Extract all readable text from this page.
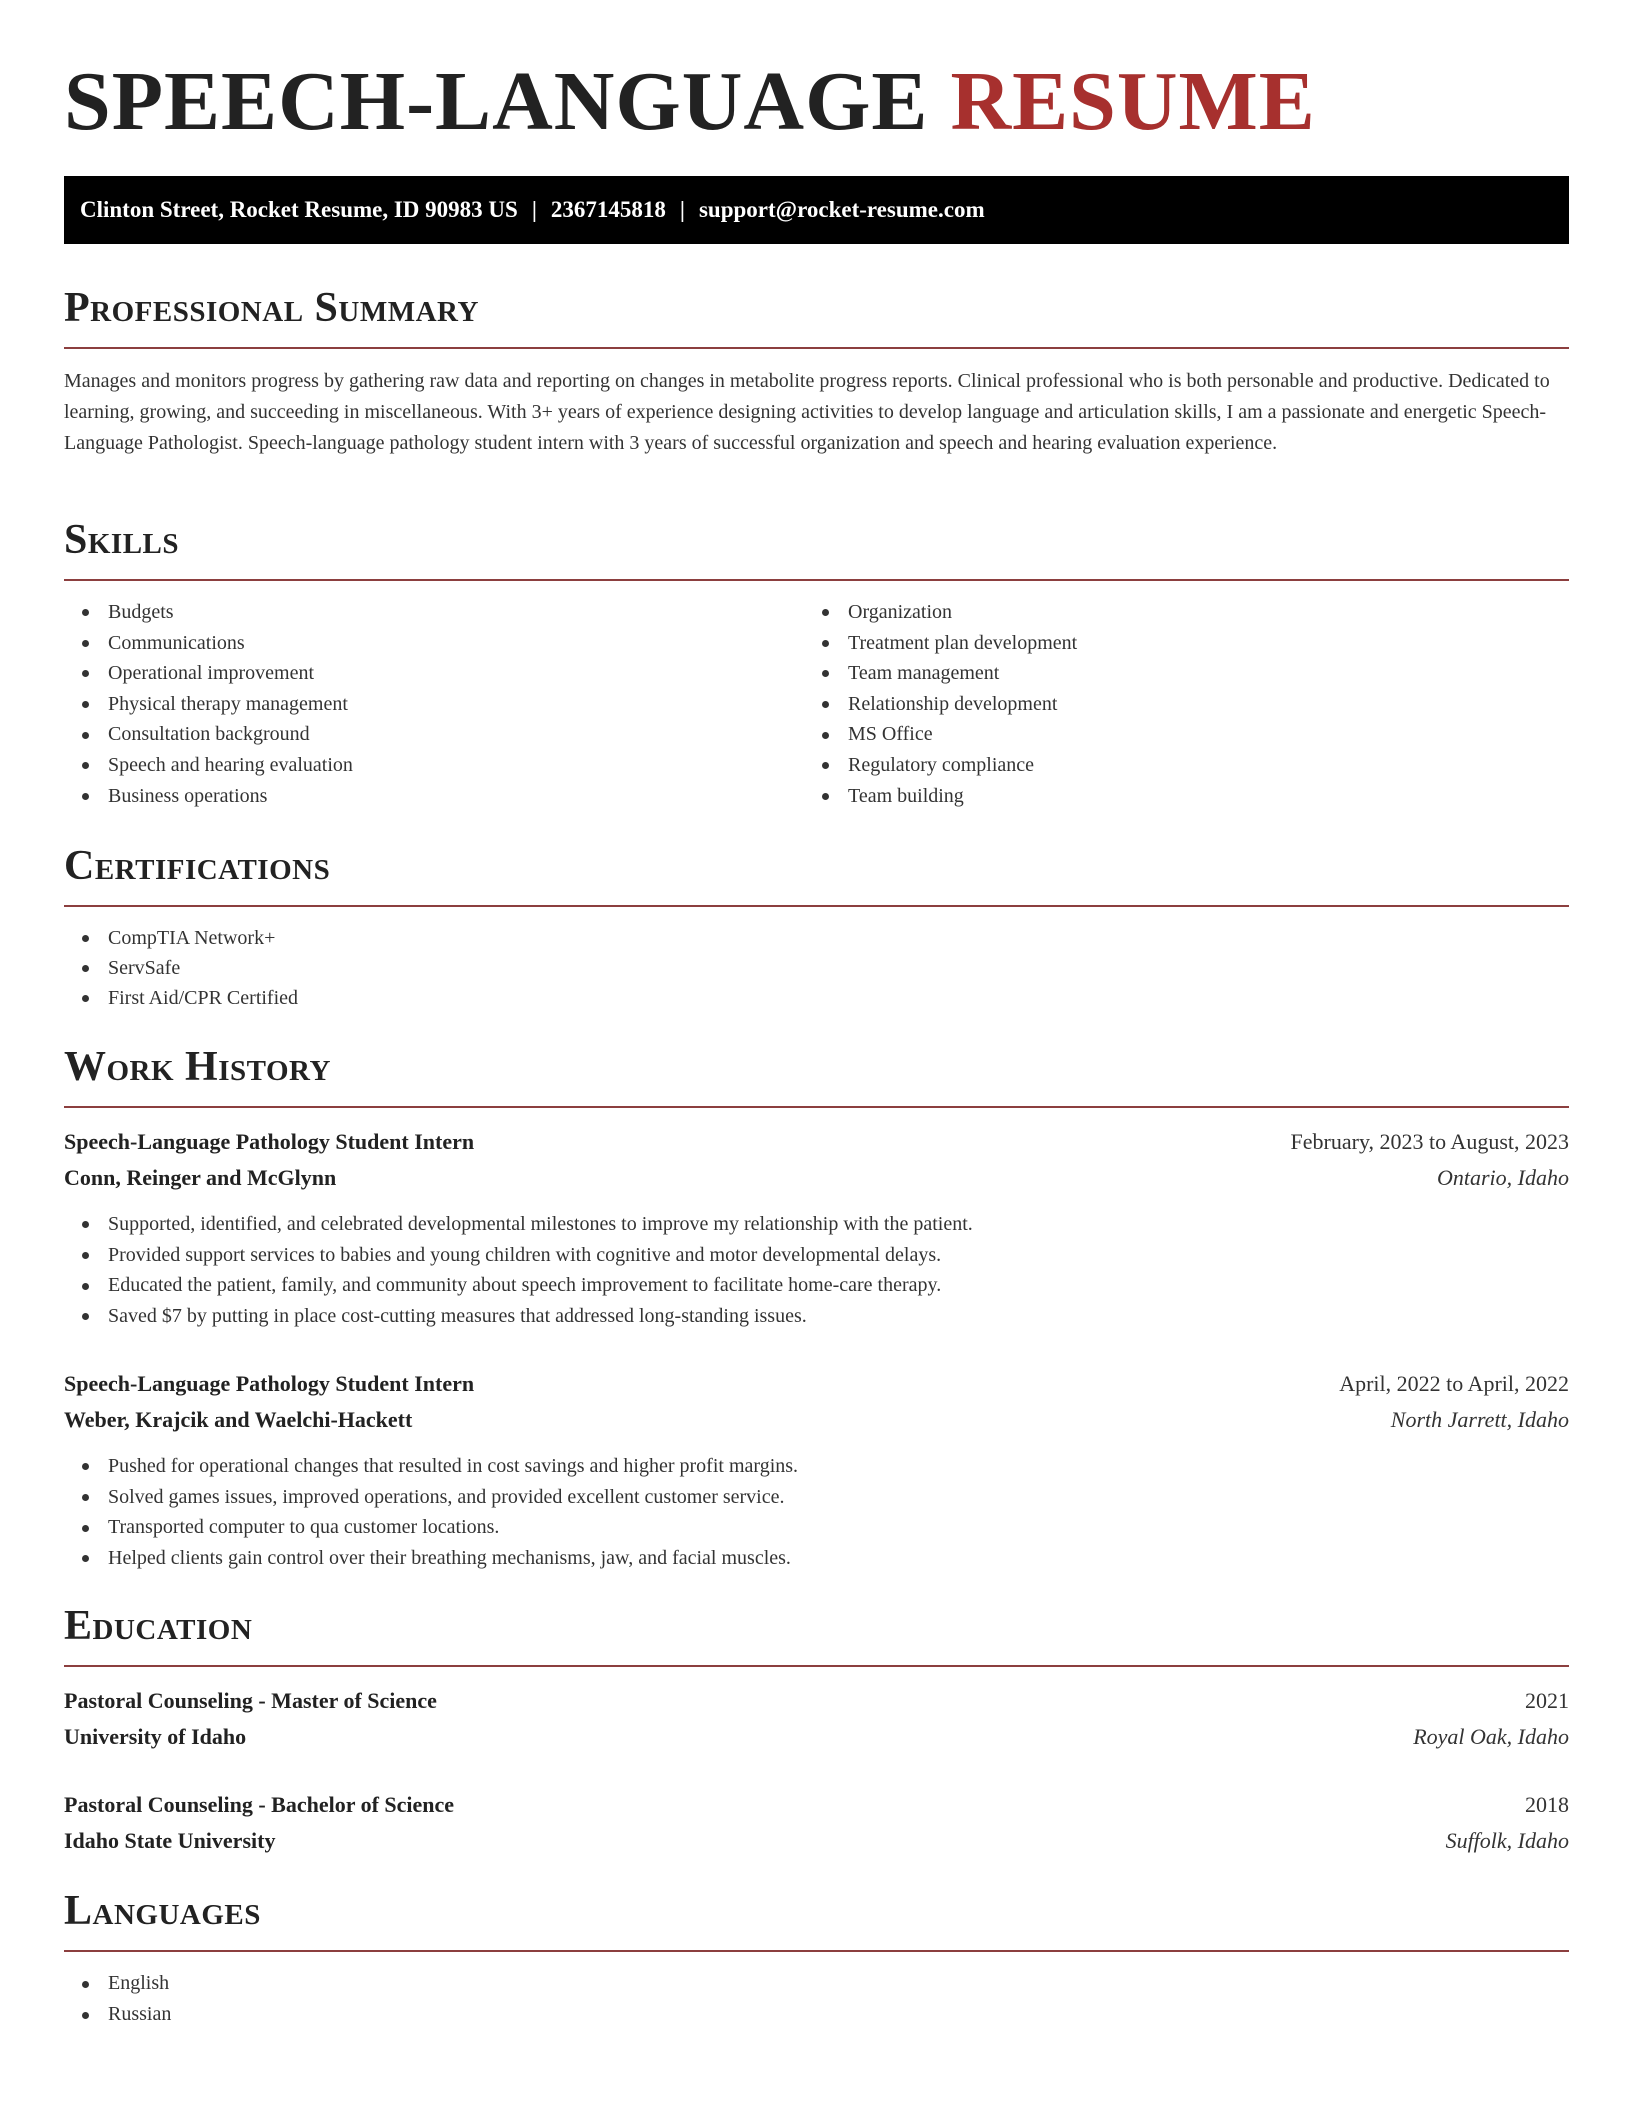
SPEECH-LANGUAGE RESUME
Clinton Street, Rocket Resume, ID 90983 US | 2367145818 | support@rocket-resume.com
Professional Summary

Manages and monitors progress by gathering raw data and reporting on changes in metabolite progress reports. Clinical professional who is both personable and productive. Dedicated to learning, growing, and succeeding in miscellaneous. With 3+ years of experience designing activities to develop language and articulation skills, I am a passionate and energetic Speech-Language Pathologist. Speech-language pathology student intern with 3 years of successful organization and speech and hearing evaluation experience.

Skills
Budgets
Communications
Operational improvement
Physical therapy management
Consultation background
Speech and hearing evaluation
Business operations
Organization
Treatment plan development
Team management
Relationship development
MS Office
Regulatory compliance
Team building
Certifications
CompTIA Network+
ServSafe
First Aid/CPR Certified
Work History
Speech-Language Pathology Student Intern	February, 2023 to August, 2023
Conn, Reinger and McGlynn	Ontario, Idaho
Supported, identified, and celebrated developmental milestones to improve my relationship with the patient.
Provided support services to babies and young children with cognitive and motor developmental delays.
Educated the patient, family, and community about speech improvement to facilitate home-care therapy.
Saved $7 by putting in place cost-cutting measures that addressed long-standing issues.
Speech-Language Pathology Student Intern	April, 2022 to April, 2022
Weber, Krajcik and Waelchi-Hackett	North Jarrett, Idaho
Pushed for operational changes that resulted in cost savings and higher profit margins.
Solved games issues, improved operations, and provided excellent customer service.
Transported computer to qua customer locations.
Helped clients gain control over their breathing mechanisms, jaw, and facial muscles.
Education
Pastoral Counseling - Master of Science	2021
University of Idaho	Royal Oak, Idaho
Pastoral Counseling - Bachelor of Science	2018
Idaho State University	Suffolk, Idaho
Languages
English
Russian
